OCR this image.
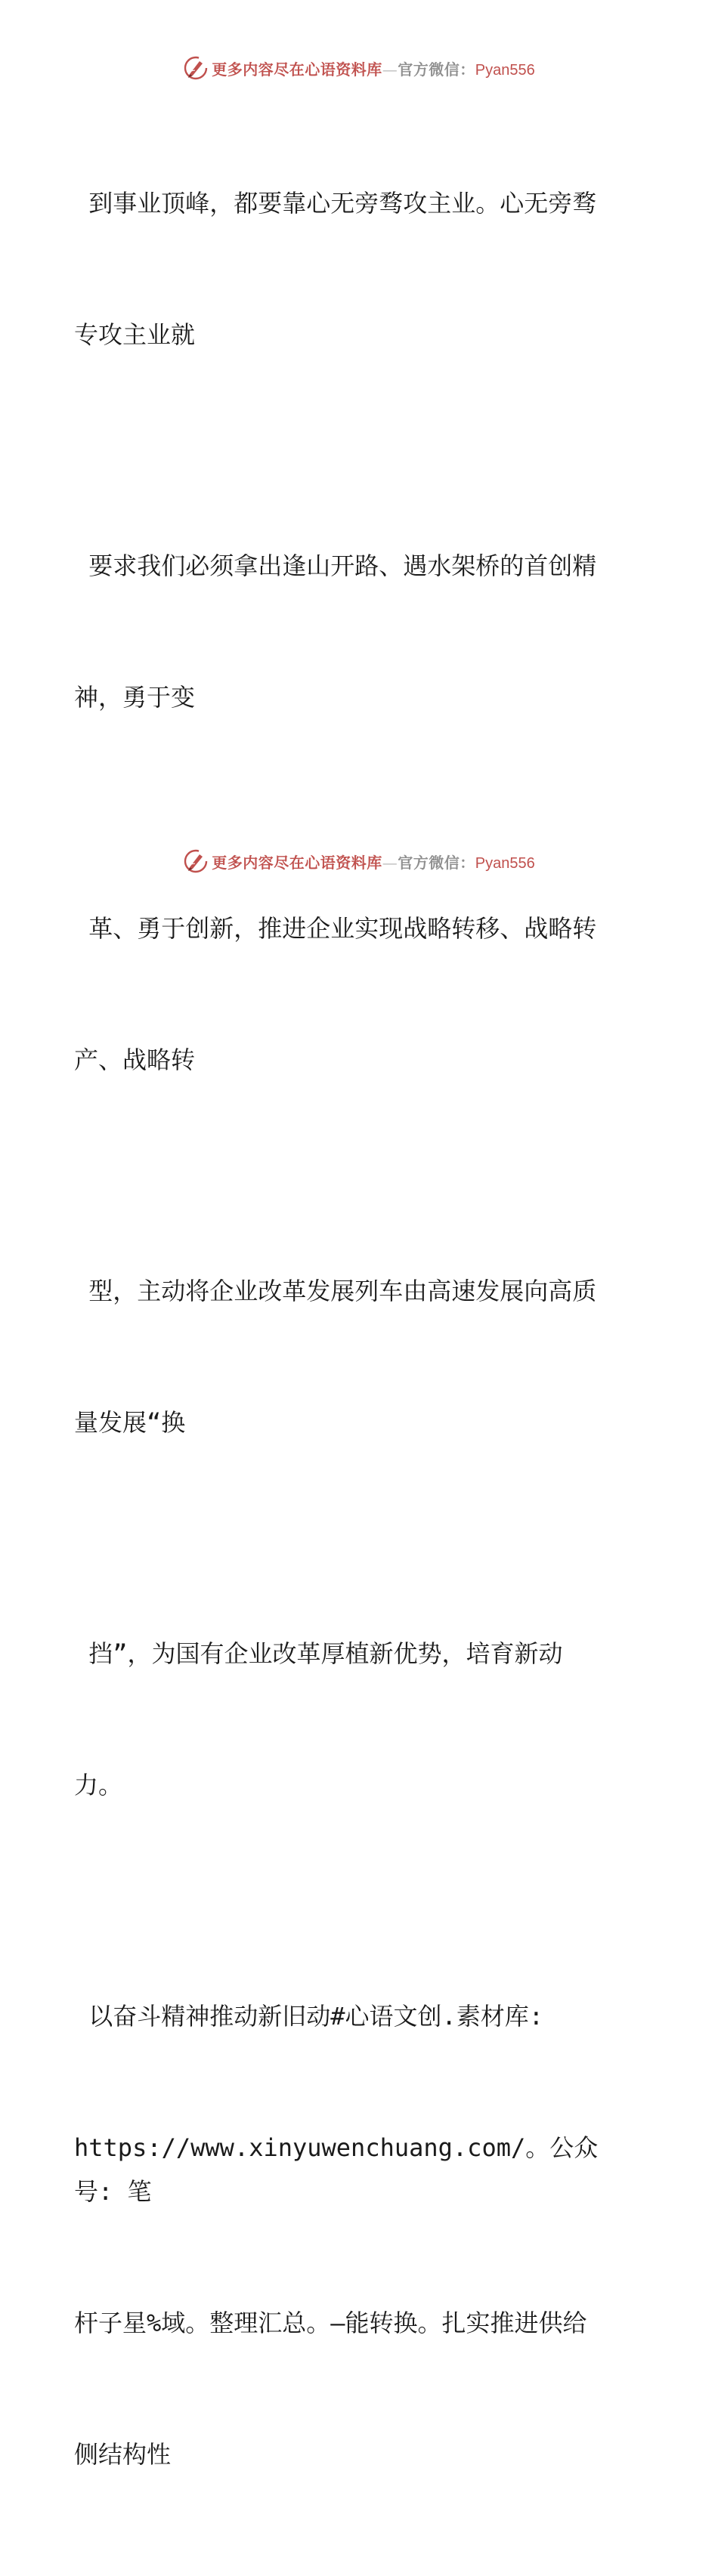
更多内容尽在心语资料库—官方微信：Pyan556

到事业顶峰，都要靠心无旁骛攻主业。心无旁骛

专攻主业就

要求我们必须拿出逢山开路、遇水架桥的首创精

神，勇于变

革、勇于创新，推进企业实现战略转移、战略转

产、战略转

型，主动将企业改革发展列车由高速发展向高质

量发展“换

挡”，为国有企业改革厚植新优势，培育新动

力。

以奋斗精神推动新旧动#心语文创.素材库:

https://www.xinyuwenchuang.com/。公众号: 笔

杆子星%域。整理汇总。—能转换。扎实推进供给

侧结构性

更多内容尽在心语资料库—官方微信：Pyan556
